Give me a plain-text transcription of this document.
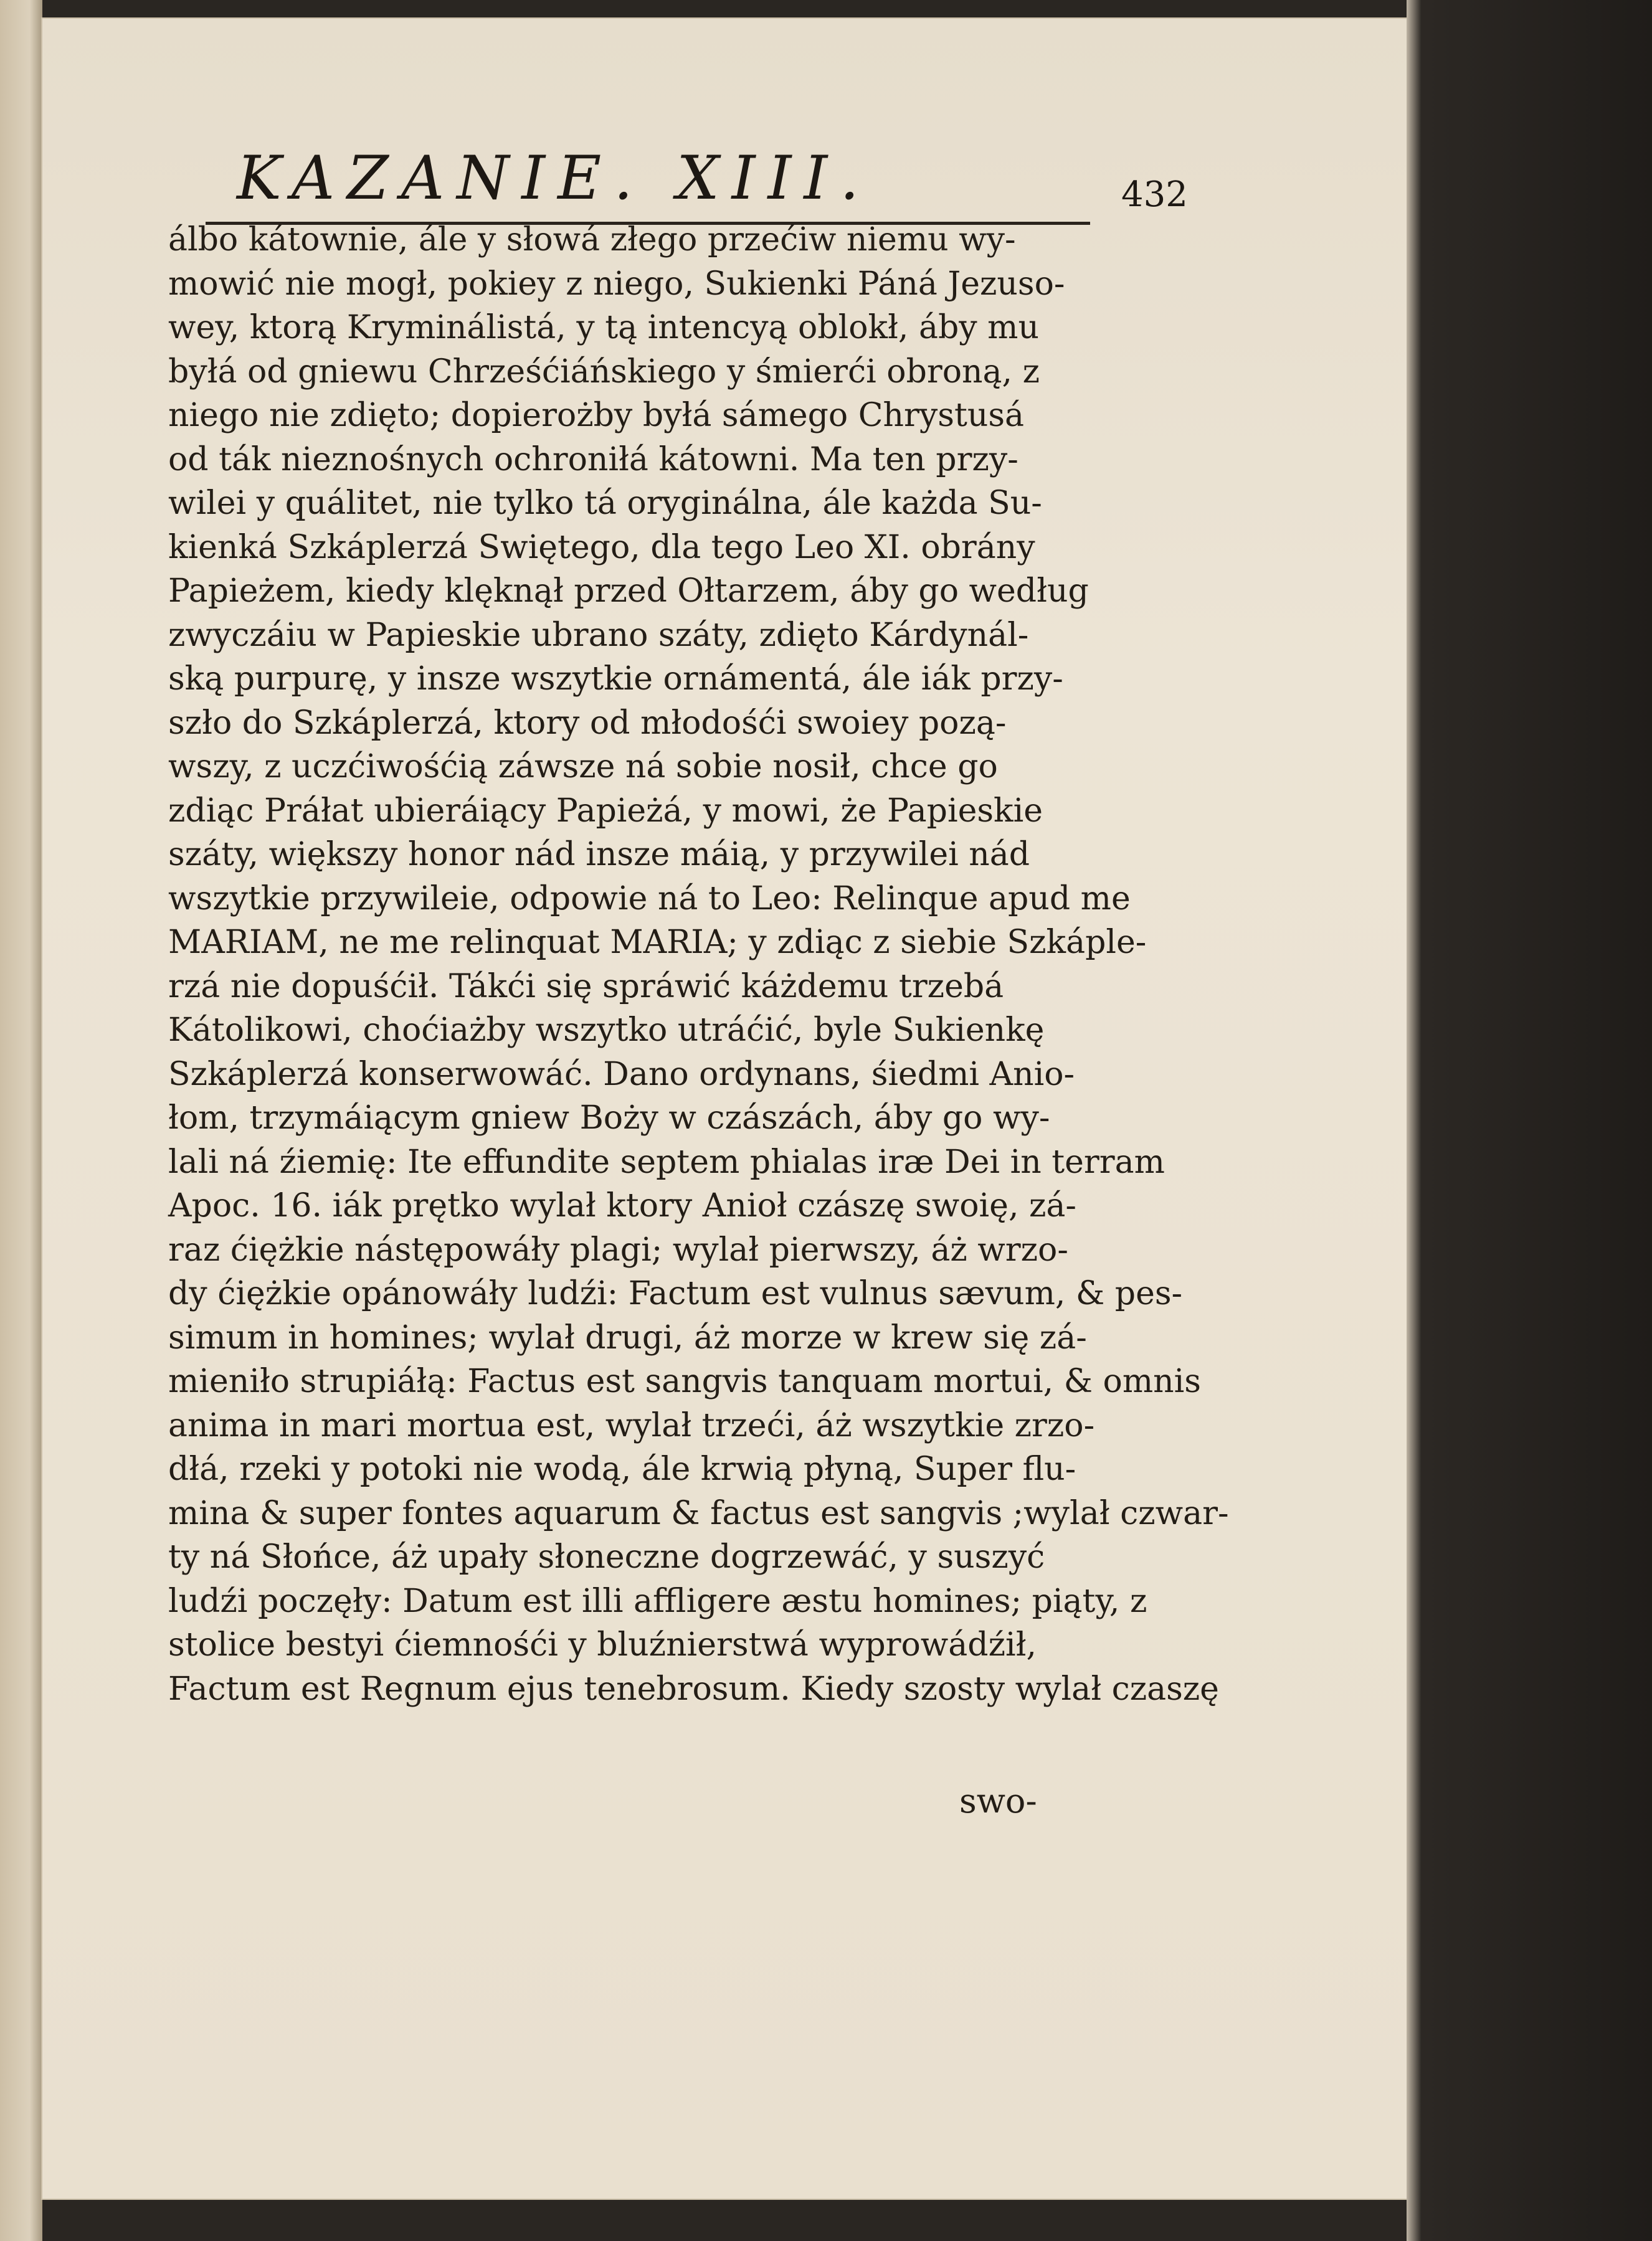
KAZANIE. XIII.	432
álbo kátownie, ále y słowá złego przećiw niemu wy-
mowić nie mogł, pokiey z niego, Sukienki Páná Jezuso-
wey, ktorą Kryminálistá, y tą intencyą oblokł, áby mu
byłá od gniewu Chrześćiáńskiego y śmierći obroną, z
niego nie zdięto; dopierożby byłá sámego Chrystusá
od ták nieznośnych ochroniłá kátowni. Ma ten przy-
wilei y quálitet, nie tylko tá oryginálna, ále każda Su-
kienká Szkáplerzá Swiętego, dla tego Leo XI. obrány
Papieżem, kiedy klęknął przed Ołtarzem, áby go według
zwyczáiu w Papieskie ubrano száty, zdięto Kárdynál-
ską purpurę, y insze wszytkie ornámentá, ále iák przy-
szło do Szkáplerzá, ktory od młodośći swoiey pozą-
wszy, z uczćiwośćią záwsze ná sobie nosił, chce go
zdiąc Práłat ubieráiący Papieżá, y mowi, że Papieskie
száty, większy honor nád insze máią, y przywilei nád
wszytkie przywileie, odpowie ná to Leo: Relinque apud me
MARIAM, ne me relinquat MARIA; y zdiąc z siebie Szkáple-
rzá nie dopuśćił. Tákći się spráwić káżdemu trzebá
Kátolikowi, choćiażby wszytko utráćić, byle Sukienkę
Szkáplerzá konserwowáć. Dano ordynans, śiedmi Anio-
łom, trzymáiącym gniew Boży w czászách, áby go wy-
lali ná źiemię: Ite effundite septem phialas iræ Dei in terram
Apoc. 16. iák prętko wylał ktory Anioł czászę swoię, zá-
raz ćiężkie nástępowáły plagi; wylał pierwszy, áż wrzo-
dy ćiężkie opánowáły ludźi: Factum est vulnus sævum, & pes-
simum in homines; wylał drugi, áż morze w krew się zá-
mieniło strupiáłą: Factus est sangvis tanquam mortui, & omnis
anima in mari mortua est, wylał trzeći, áż wszytkie zrzo-
dłá, rzeki y potoki nie wodą, ále krwią płyną, Super flu-
mina & super fontes aquarum & factus est sangvis ;wylał czwar-
ty ná Słońce, áż upały słoneczne dogrzewáć, y suszyć
ludźi poczęły: Datum est illi affligere æstu homines; piąty, z
stolice bestyi ćiemnośći y bluźnierstwá wyprowádźił,
Factum est Regnum ejus tenebrosum. Kiedy szosty wylał czaszę
swo-
